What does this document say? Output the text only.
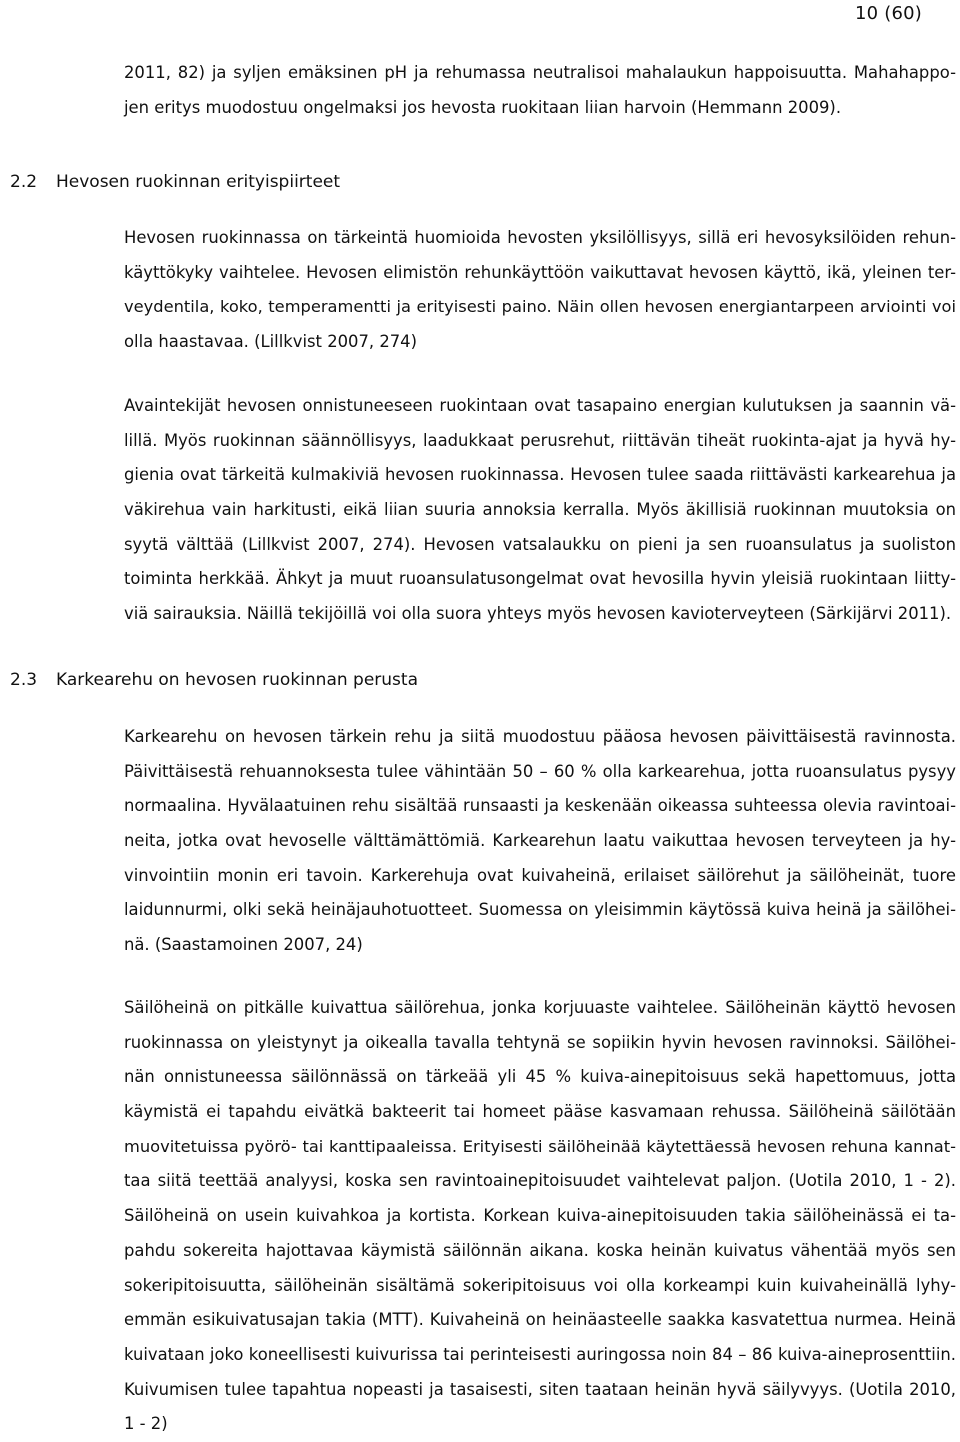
10 (60)
2011, 82) ja syljen emäksinen pH ja rehumassa neutralisoi mahalaukun happoisuutta. Mahahappo-
jen eritys muodostuu ongelmaksi jos hevosta ruokitaan liian harvoin (Hemmann 2009).
2.2 Hevosen ruokinnan erityispiirteet
Hevosen ruokinnassa on tärkeintä huomioida hevosten yksilöllisyys, sillä eri hevosyksilöiden rehun-
käyttökyky vaihtelee. Hevosen elimistön rehunkäyttöön vaikuttavat hevosen käyttö, ikä, yleinen ter-
veydentila, koko, temperamentti ja erityisesti paino. Näin ollen hevosen energiantarpeen arviointi voi
olla haastavaa. (Lillkvist 2007, 274)
Avaintekijät hevosen onnistuneeseen ruokintaan ovat tasapaino energian kulutuksen ja saannin vä-
lillä. Myös ruokinnan säännöllisyys, laadukkaat perusrehut, riittävän tiheät ruokinta-ajat ja hyvä hy-
gienia ovat tärkeitä kulmakiviä hevosen ruokinnassa. Hevosen tulee saada riittävästi karkearehua ja
väkirehua vain harkitusti, eikä liian suuria annoksia kerralla. Myös äkillisiä ruokinnan muutoksia on
syytä välttää (Lillkvist 2007, 274). Hevosen vatsalaukku on pieni ja sen ruoansulatus ja suoliston
toiminta herkkää. Ähkyt ja muut ruoansulatusongelmat ovat hevosilla hyvin yleisiä ruokintaan liitty-
viä sairauksia. Näillä tekijöillä voi olla suora yhteys myös hevosen kavioterveyteen (Särkijärvi 2011).
2.3 Karkearehu on hevosen ruokinnan perusta
Karkearehu on hevosen tärkein rehu ja siitä muodostuu pääosa hevosen päivittäisestä ravinnosta.
Päivittäisestä rehuannoksesta tulee vähintään 50 – 60 % olla karkearehua, jotta ruoansulatus pysyy
normaalina. Hyvälaatuinen rehu sisältää runsaasti ja keskenään oikeassa suhteessa olevia ravintoai-
neita, jotka ovat hevoselle välttämättömiä. Karkearehun laatu vaikuttaa hevosen terveyteen ja hy-
vinvointiin monin eri tavoin. Karkerehuja ovat kuivaheinä, erilaiset säilörehut ja säilöheinät, tuore
laidunnurmi, olki sekä heinäjauhotuotteet. Suomessa on yleisimmin käytössä kuiva heinä ja säilöhei-
nä. (Saastamoinen 2007, 24)
Säilöheinä on pitkälle kuivattua säilörehua, jonka korjuuaste vaihtelee. Säilöheinän käyttö hevosen
ruokinnassa on yleistynyt ja oikealla tavalla tehtynä se sopiikin hyvin hevosen ravinnoksi. Säilöhei-
nän onnistuneessa säilönnässä on tärkeää yli 45 % kuiva-ainepitoisuus sekä hapettomuus, jotta
käymistä ei tapahdu eivätkä bakteerit tai homeet pääse kasvamaan rehussa. Säilöheinä säilötään
muovitetuissa pyörö- tai kanttipaaleissa. Erityisesti säilöheinää käytettäessä hevosen rehuna kannat-
taa siitä teettää analyysi, koska sen ravintoainepitoisuudet vaihtelevat paljon. (Uotila 2010, 1 - 2).
Säilöheinä on usein kuivahkoa ja kortista. Korkean kuiva-ainepitoisuuden takia säilöheinässä ei ta-
pahdu sokereita hajottavaa käymistä säilönnän aikana. koska heinän kuivatus vähentää myös sen
sokeripitoisuutta, säilöheinän sisältämä sokeripitoisuus voi olla korkeampi kuin kuivaheinällä lyhy-
emmän esikuivatusajan takia (MTT). Kuivaheinä on heinäasteelle saakka kasvatettua nurmea. Heinä
kuivataan joko koneellisesti kuivurissa tai perinteisesti auringossa noin 84 – 86 kuiva-aineprosenttiin.
Kuivumisen tulee tapahtua nopeasti ja tasaisesti, siten taataan heinän hyvä säilyvyys. (Uotila 2010,
1 - 2)
